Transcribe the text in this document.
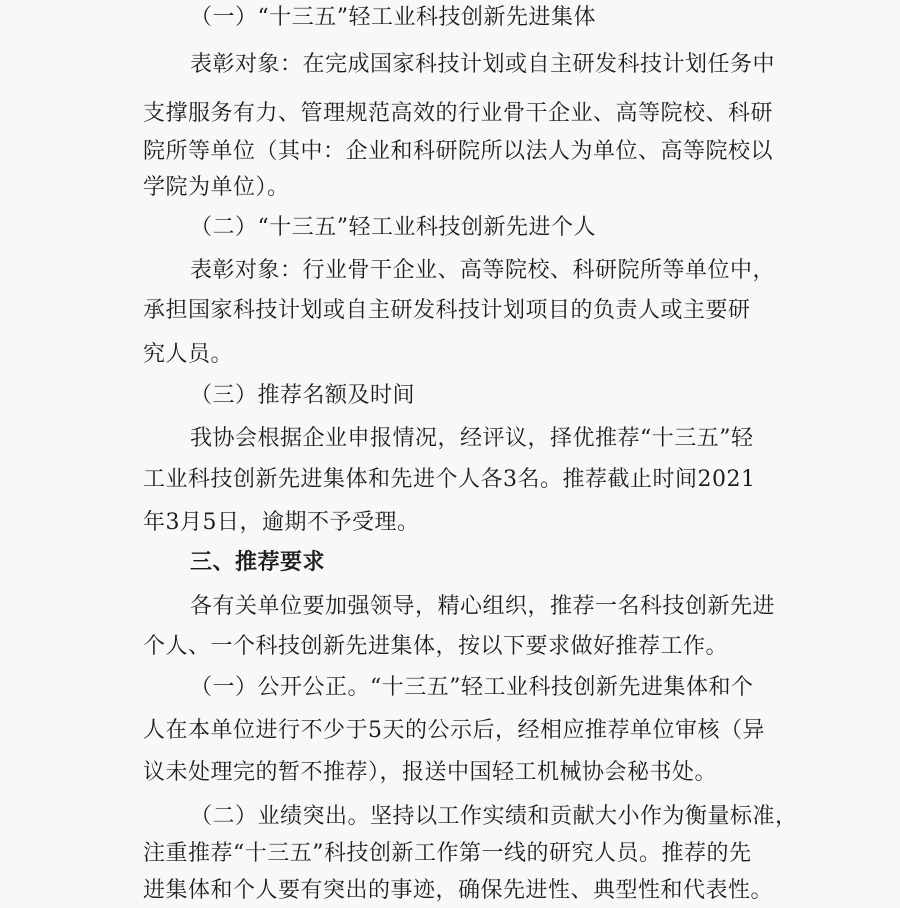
（一）“十三五”轻工业科技创新先进集体
表彰对象：在完成国家科技计划或自主研发科技计划任务中
支撑服务有力、管理规范高效的行业骨干企业、高等院校、科研
院所等单位（其中：企业和科研院所以法人为单位、高等院校以
学院为单位）。
（二）“十三五”轻工业科技创新先进个人
表彰对象：行业骨干企业、高等院校、科研院所等单位中，
承担国家科技计划或自主研发科技计划项目的负责人或主要研
究人员。
（三）推荐名额及时间
我协会根据企业申报情况，经评议，择优推荐“十三五”轻
工业科技创新先进集体和先进个人各3名。推荐截止时间2021
年3月5日，逾期不予受理。
三、推荐要求
各有关单位要加强领导，精心组织，推荐一名科技创新先进
个人、一个科技创新先进集体，按以下要求做好推荐工作。
（一）公开公正。“十三五”轻工业科技创新先进集体和个
人在本单位进行不少于5天的公示后，经相应推荐单位审核（异
议未处理完的暂不推荐），报送中国轻工机械协会秘书处。
（二）业绩突出。坚持以工作实绩和贡献大小作为衡量标准，
注重推荐“十三五”科技创新工作第一线的研究人员。推荐的先
进集体和个人要有突出的事迹，确保先进性、典型性和代表性。
